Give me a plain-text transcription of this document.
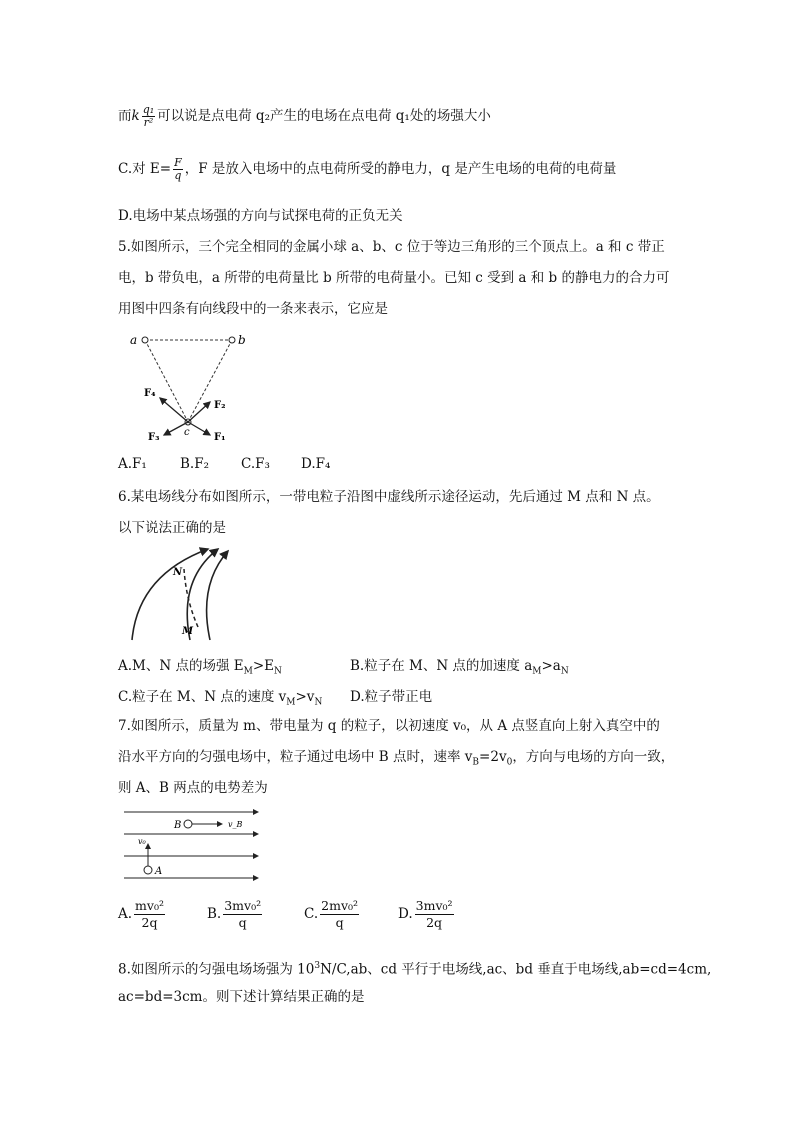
而k $\frac{\text{q₁}}{\text{r²}}$ 可以说是点电荷 q₂产生的电场在点电荷 q₁处的场强大小
C.对 $E= \frac{F}{q}$ ，F 是放入电场中的点电荷所受的静电力，q 是产生电场的电荷的电荷量
D.电场中某点场强的方向与试探电荷的正负无关
5.如图所示，三个完全相同的金属小球 a、b、c 位于等边三角形的三个顶点上。a 和 c 带正
电，b 带负电，a 所带的电荷量比 b 所带的电荷量小。已知 c 受到 a 和 b 的静电力的合力可
用图中四条有向线段中的一条来表示，它应是
a	b
c F₁
F₂
F₃
F₄
A.F₁ B.F₂ C.F₃ D.F₄
6.某电场线分布如图所示，一带电粒子沿图中虚线所示途径运动，先后通过 M 点和 N 点。
以下说法正确的是
N
M
A.M、N 点的场强 $E_M>E_N$	B.粒子在 M、N 点的加速度 $a_M>a_N$
C.粒子在 M、N 点的速度 $v_M>v_N$ D.粒子带正电
7.如图所示，质量为 m、带电量为 q 的粒子，以初速度 v₀，从 A 点竖直向上射入真空中的
沿水平方向的匀强电场中，粒子通过电场中 B 点时，速率 $v_B=2v_0$，方向与电场的方向一致，
则 A、B 两点的电势差为
B	v_B
v₀
A
A. $\frac{\text{mv₀²}}{2q}$	B. $\frac{\text{3mv₀²}}{q}$	C. $\frac{\text{2mv₀²}}{q}$	D. $\frac{\text{3mv₀²}}{2q}$
8.如图所示的匀强电场场强为 $10^3N/C,ab$、cd 平行于电场线,ac、bd 垂直于电场线,ab=cd=4cm,
ac=bd=3cm。则下述计算结果正确的是
